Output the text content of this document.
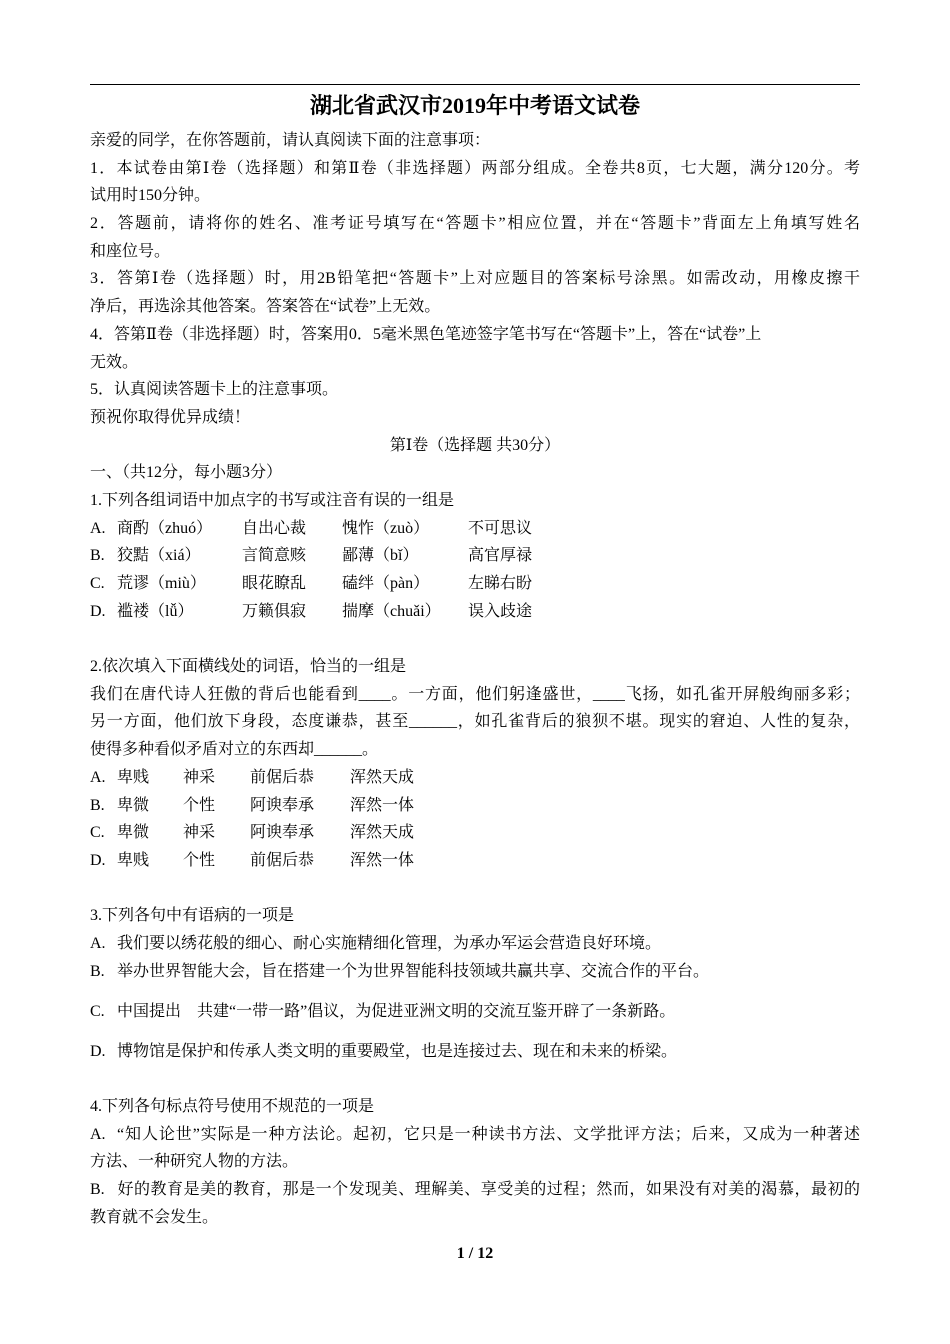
湖北省武汉市2019年中考语文试卷
亲爱的同学，在你答题前，请认真阅读下面的注意事项：
1．本试卷由第Ⅰ卷（选择题）和第Ⅱ卷（非选择题）两部分组成。全卷共8页，七大题，满分120分。考
试用时150分钟。
2．答题前，请将你的姓名、准考证号填写在“答题卡”相应位置，并在“答题卡”背面左上角填写姓名
和座位号。
3．答第Ⅰ卷（选择题）时，用2B铅笔把“答题卡”上对应题目的答案标号涂黑。如需改动，用橡皮擦干
净后，再选涂其他答案。答案答在“试卷”上无效。
4．答第Ⅱ卷（非选择题）时，答案用0．5毫米黑色笔迹签字笔书写在“答题卡”上，答在“试卷”上
无效。
5．认真阅读答题卡上的注意事项。
预祝你取得优异成绩！
第Ⅰ卷（选择题 共30分）
一、（共12分，每小题3分）
1.下列各组词语中加点字的书写或注音有误的一组是
A. 商酌（zhuó） 自出心裁 愧怍（zuò） 不可思议
B. 狡黠（xiá）	言简意赅 鄙薄（bǐ）	高官厚禄
C. 荒谬（miù） 眼花瞭乱 磕绊（pàn） 左睇右盼
D. 褴褛（lǚ）	万籁俱寂 揣摩（chuǎi） 误入歧途
2.依次填入下面横线处的词语，恰当的一组是
我们在唐代诗人狂傲的背后也能看到____。一方面，他们躬逢盛世，____飞扬，如孔雀开屏般绚丽多彩；
另一方面，他们放下身段，态度谦恭，甚至______，如孔雀背后的狼狈不堪。现实的窘迫、人性的复杂，
使得多种看似矛盾对立的东西却______。
A. 卑贱 神采 前倨后恭 浑然天成
B. 卑微 个性 阿谀奉承 浑然一体
C. 卑微 神采 阿谀奉承 浑然天成
D. 卑贱 个性 前倨后恭 浑然一体
3.下列各句中有语病的一项是
A. 我们要以绣花般的细心、耐心实施精细化管理，为承办军运会营造良好环境。
B. 举办世界智能大会，旨在搭建一个为世界智能科技领域共赢共享、交流合作的平台。
C. 中国提出　共建“一带一路”倡议，为促进亚洲文明的交流互鉴开辟了一条新路。
D. 博物馆是保护和传承人类文明的重要殿堂，也是连接过去、现在和未来的桥梁。
4.下列各句标点符号使用不规范的一项是
A. “知人论世”实际是一种方法论。起初，它只是一种读书方法、文学批评方法；后来，又成为一种著述
方法、一种研究人物的方法。
B. 好的教育是美的教育，那是一个发现美、理解美、享受美的过程；然而，如果没有对美的渴慕，最初的
教育就不会发生。
1 / 12
